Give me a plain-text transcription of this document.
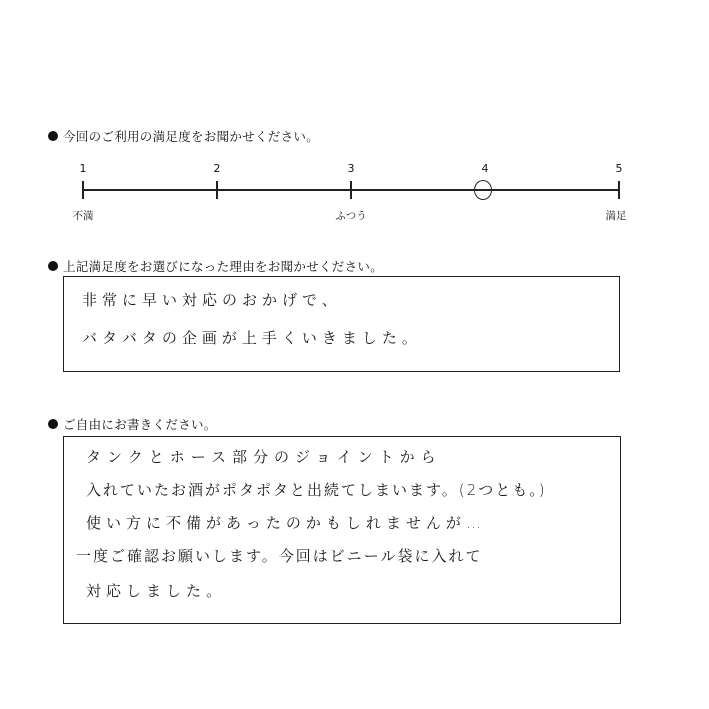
今回のご利用の満足度をお聞かせください。
1	2	3	4	5
不満	ふつう	満足
上記満足度をお選びになった理由をお聞かせください。
非常に早い対応のおかげで、
バタバタの企画が上手くいきました。
ご自由にお書きください。
タンクとホース部分のジョイントから
入れていたお酒がポタポタと出続てしまいます。(2つとも。)
使い方に不備があったのかもしれませんが…
一度ご確認お願いします。今回はビニール袋に入れて
対応しました。
